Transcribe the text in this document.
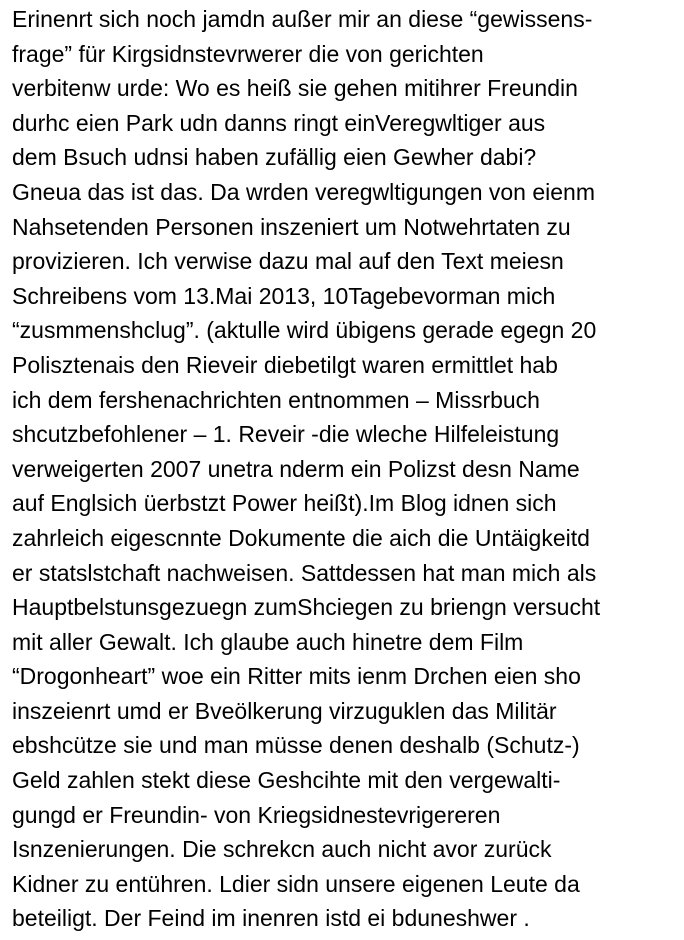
Erinenrt sich noch jamdn außer mir an diese “gewissens-
frage” für Kirgsidnstevrwerer die von gerichten
verbitenw urde: Wo es heiß sie gehen mitihrer Freundin
durhc eien Park udn danns ringt einVeregwltiger aus
dem Bsuch udnsi haben zufällig eien Gewher dabi?
Gneua das ist das. Da wrden veregwltigungen von eienm
Nahsetenden Personen inszeniert um Notwehrtaten zu
provizieren. Ich verwise dazu mal auf den Text meiesn
Schreibens vom 13.Mai 2013, 10Tagebevorman mich
“zusmmenshclug”. (aktulle wird übigens gerade egegn 20
Polisztenais den Rieveir diebetilgt waren ermittlet hab
ich dem fershenachrichten entnommen – Missrbuch
shcutzbefohlener – 1. Reveir -die wleche Hilfeleistung
verweigerten 2007 unetra nderm ein Polizst desn Name
auf Englsich üerbstzt Power heißt).Im Blog idnen sich
zahrleich eigescnnte Dokumente die aich die Untäigkeitd
er statslstchaft nachweisen. Sattdessen hat man mich als
Hauptbelstunsgezuegn zumShciegen zu briengn versucht
mit aller Gewalt. Ich glaube auch hinetre dem Film
“Drogonheart” woe ein Ritter mits ienm Drchen eien sho
inszeienrt umd er Bveölkerung virzuguklen das Militär
ebshcütze sie und man müsse denen deshalb (Schutz-)
Geld zahlen stekt diese Geshcihte mit den vergewalti-
gungd er Freundin- von Kriegsidnestevrigereren
Isnzenierungen. Die schrekcn auch nicht avor zurück
Kidner zu entühren. Ldier sidn unsere eigenen Leute da
beteiligt. Der Feind im inenren istd ei bduneshwer .
